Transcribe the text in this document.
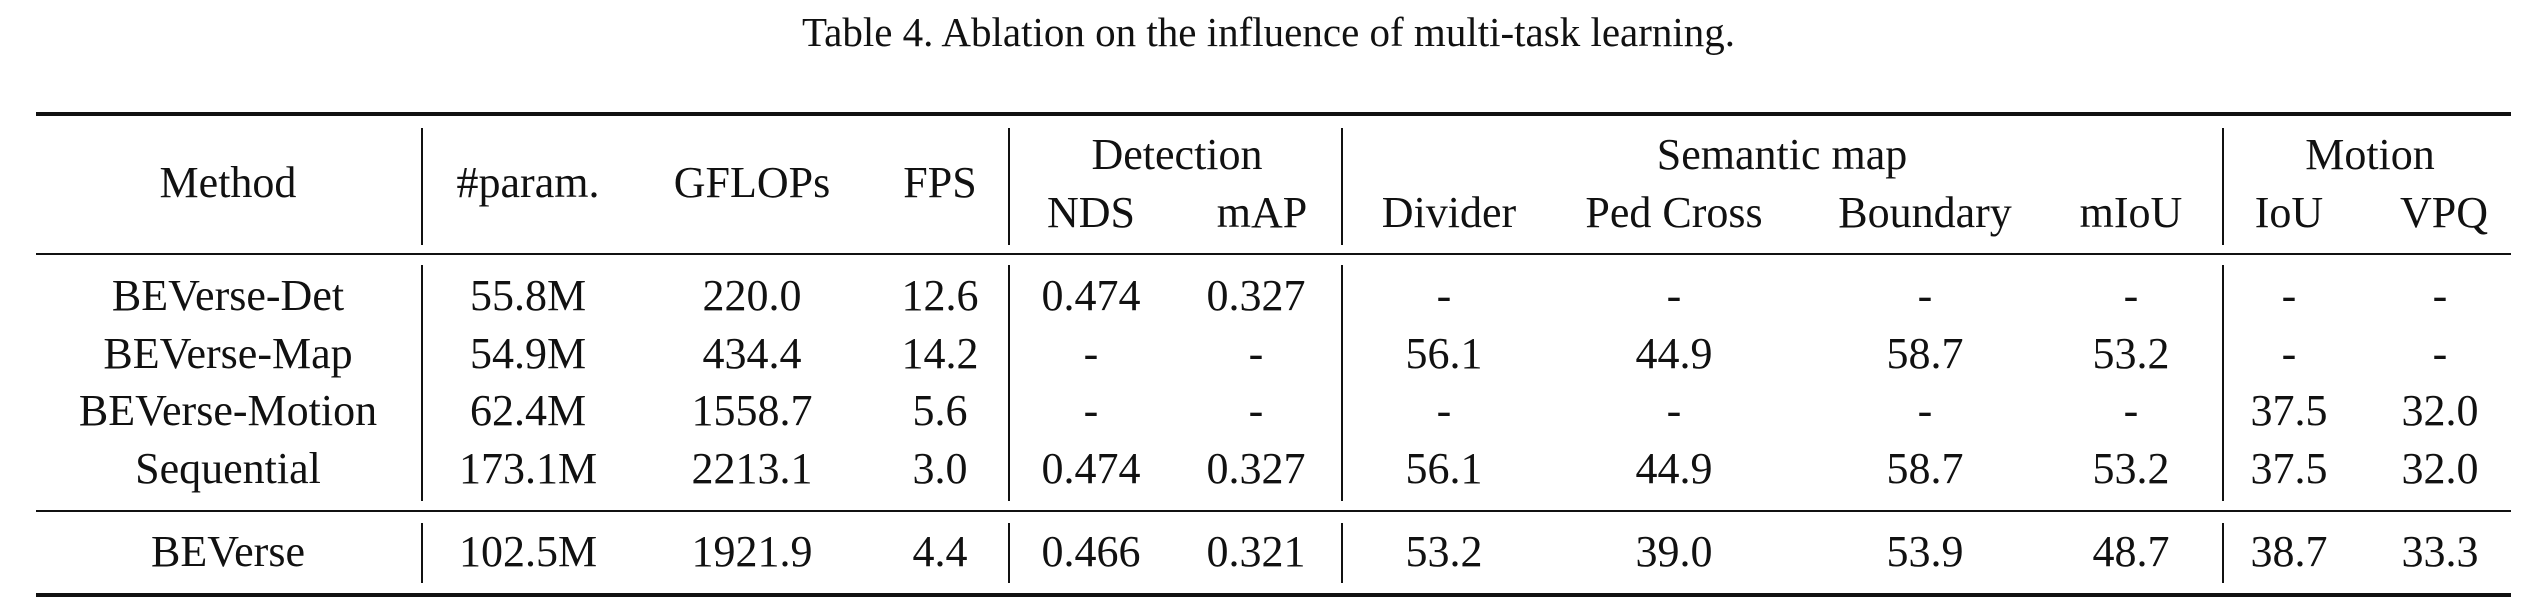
Table 4. Ablation on the influence of multi-task learning.
Method	#param. GFLOPs FPS
Detection
NDS mAP
Semantic map
Divider Ped Cross Boundary mIoU
Motion
IoU VPQ
BEVerse-Det	55.8M	220.0 12.6 0.474 0.327	-	-	-	-	-	-
BEVerse-Map	54.9M	434.4 14.2 -	-	56.1	44.9	58.7	53.2	-	-
BEVerse-Motion 62.4M 1558.7 5.6	-	-	-	-	-	-	37.5 32.0
Sequential	173.1M 2213.1 3.0 0.474 0.327 56.1	44.9	58.7	53.2 37.5 32.0
BEVerse	102.5M 1921.9 4.4 0.466 0.321 53.2	39.0	53.9	48.7 38.7 33.3
